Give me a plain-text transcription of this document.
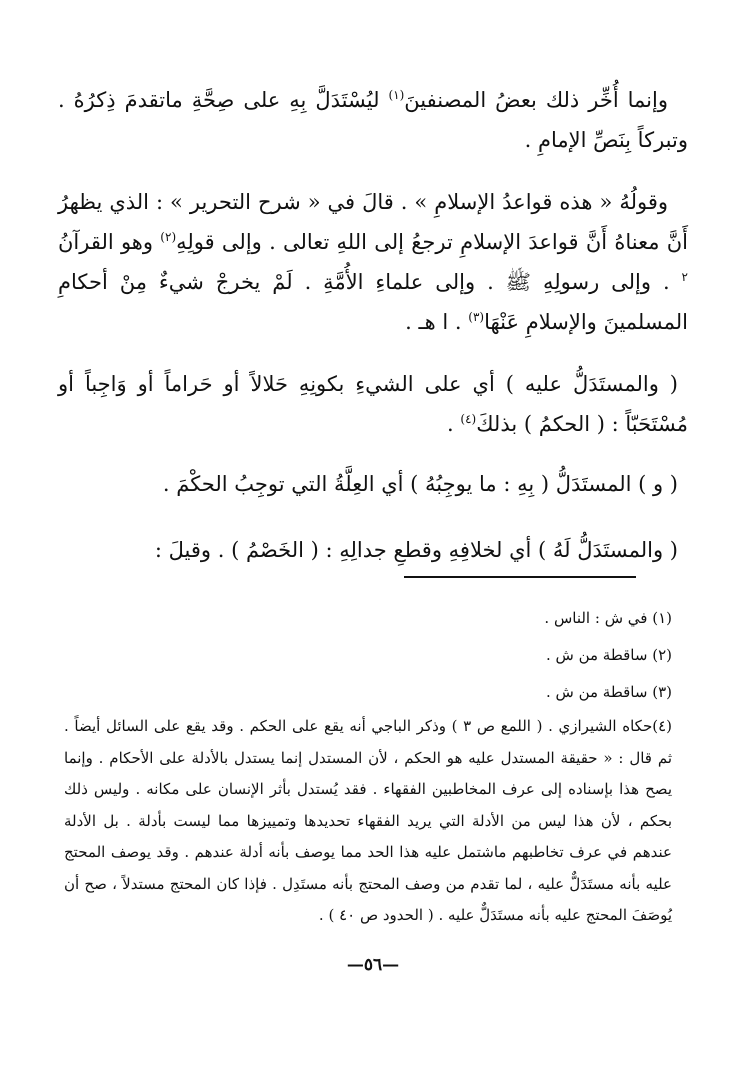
وإنما أُخِّر ذلك بعضُ المصنفينَ$^{(١)}$ ليُسْتَدَلَّ بِهِ على صِحَّةِ ماتقدمَ ذِكرُهُ . وتبركاً بِنَصِّ الإمامِ .

وقولُهُ « هذه قواعدُ الإسلامِ » . قالَ في « شرح التحرير » : الذي يظهرُ أَنَّ معناهُ أَنَّ قواعدَ الإسلامِ ترجعُ إلى اللهِ تعالى . وإلى قولِهِ$^{(٢)}$ وهو القرآنُ $^٢$ . وإلى رسولِهِ ﷺ . وإلى علماءِ الأُمَّةِ . لَمْ يخرجْ شيءٌ مِنْ أحكامِ المسلمينَ والإسلامِ عَنْهَا$^{(٣)}$ . ا هـ .

( والمستَدَلُّ عليه ) أي على الشيءِ بكونِهِ حَلالاً أو حَراماً أو وَاجِباً أو مُسْتَحَبّاً : ( الحكمُ ) بذلكَ$^{(٤)}$ .

( و ) المستَدَلُّ ( بِهِ : ما يوجِبُهُ ) أي العِلَّةُ التي توجِبُ الحكْمَ .

( والمستَدَلُّ لَهُ ) أي لخلافِهِ وقطعِ جدالِهِ : ( الخَصْمُ ) . وقيلَ :

(١) في ش : الناس .

(٢) ساقطة من ش .

(٣) ساقطة من ش .

(٤)حكاه الشيرازي . ( اللمع ص ٣ ) وذكر الباجي أنه يقع على الحكم . وقد يقع على السائل أيضاً . ثم قال : « حقيقة المستدل عليه هو الحكم ، لأن المستدل إنما يستدل بالأدلة على الأحكام . وإنما يصح هذا بإسناده إلى عرف المخاطبين الفقهاء . فقد يُستدل بأثر الإنسان على مكانه . وليس ذلك بحكم ، لأن هذا ليس من الأدلة التي يريد الفقهاء تحديدها وتمييزها مما ليست بأدلة . بل الأدلة عندهم في عرف تخاطبهم ماشتمل عليه هذا الحد مما يوصف بأنه أدلة عندهم . وقد يوصف المحتج عليه بأنه مستَدَلٌّ عليه ، لما تقدم من وصف المحتج بأنه مستَدِل . فإذا كان المحتج مستدلاً ، صح أن يُوصَفَ المحتج عليه بأنه مستَدَلٌّ عليه . ( الحدود ص ٤٠ ) .

—٥٦—
